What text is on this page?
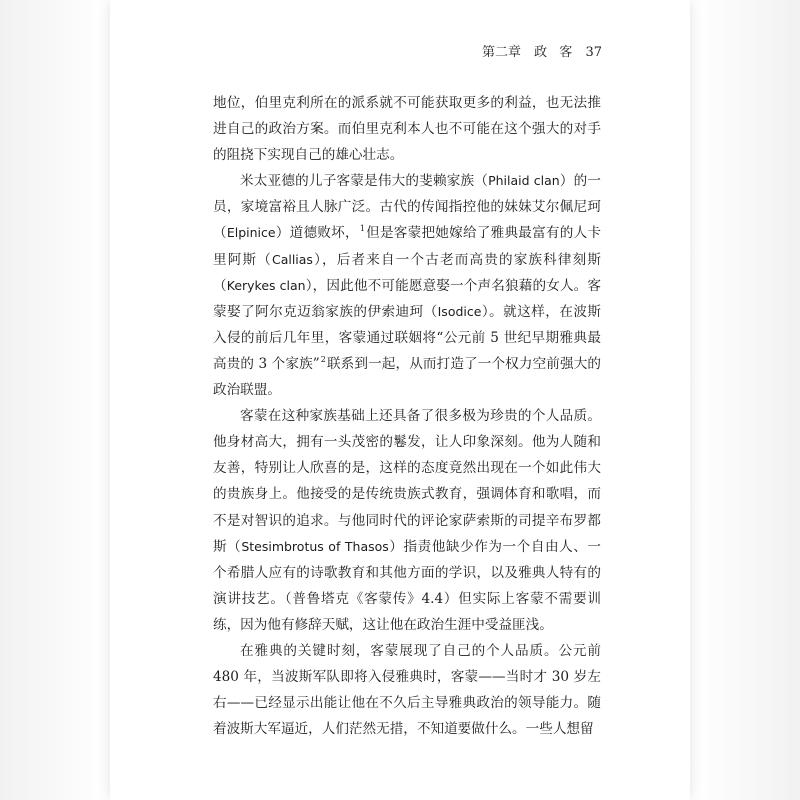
第二章 政 客 37

地位，伯里克利所在的派系就不可能获取更多的利益，也无法推进自己的政治方案。而伯里克利本人也不可能在这个强大的对手的阻挠下实现自己的雄心壮志。

米太亚德的儿子客蒙是伟大的斐赖家族（Philaid clan）的一员，家境富裕且人脉广泛。古代的传闻指控他的妹妹艾尔佩尼珂（Elpinice）道德败坏，$^1$但是客蒙把她嫁给了雅典最富有的人卡里阿斯（Callias），后者来自一个古老而高贵的家族科律刻斯（Kerykes clan），因此他不可能愿意娶一个声名狼藉的女人。客蒙娶了阿尔克迈翁家族的伊索迪珂（Isodice）。就这样，在波斯入侵的前后几年里，客蒙通过联姻将“公元前 5 世纪早期雅典最高贵的 3 个家族”$^2$联系到一起，从而打造了一个权力空前强大的政治联盟。

客蒙在这种家族基础上还具备了很多极为珍贵的个人品质。他身材高大，拥有一头茂密的鬈发，让人印象深刻。他为人随和友善，特别让人欣喜的是，这样的态度竟然出现在一个如此伟大的贵族身上。他接受的是传统贵族式教育，强调体育和歌唱，而不是对智识的追求。与他同时代的评论家萨索斯的司提辛布罗都斯（Stesimbrotus of Thasos）指责他缺少作为一个自由人、一个希腊人应有的诗歌教育和其他方面的学识，以及雅典人特有的演讲技艺。（普鲁塔克《客蒙传》4.4）但实际上客蒙不需要训练，因为他有修辞天赋，这让他在政治生涯中受益匪浅。

在雅典的关键时刻，客蒙展现了自己的个人品质。公元前 480 年，当波斯军队即将入侵雅典时，客蒙——当时才 30 岁左右——已经显示出能让他在不久后主导雅典政治的领导能力。随着波斯大军逼近，人们茫然无措，不知道要做什么。一些人想留
